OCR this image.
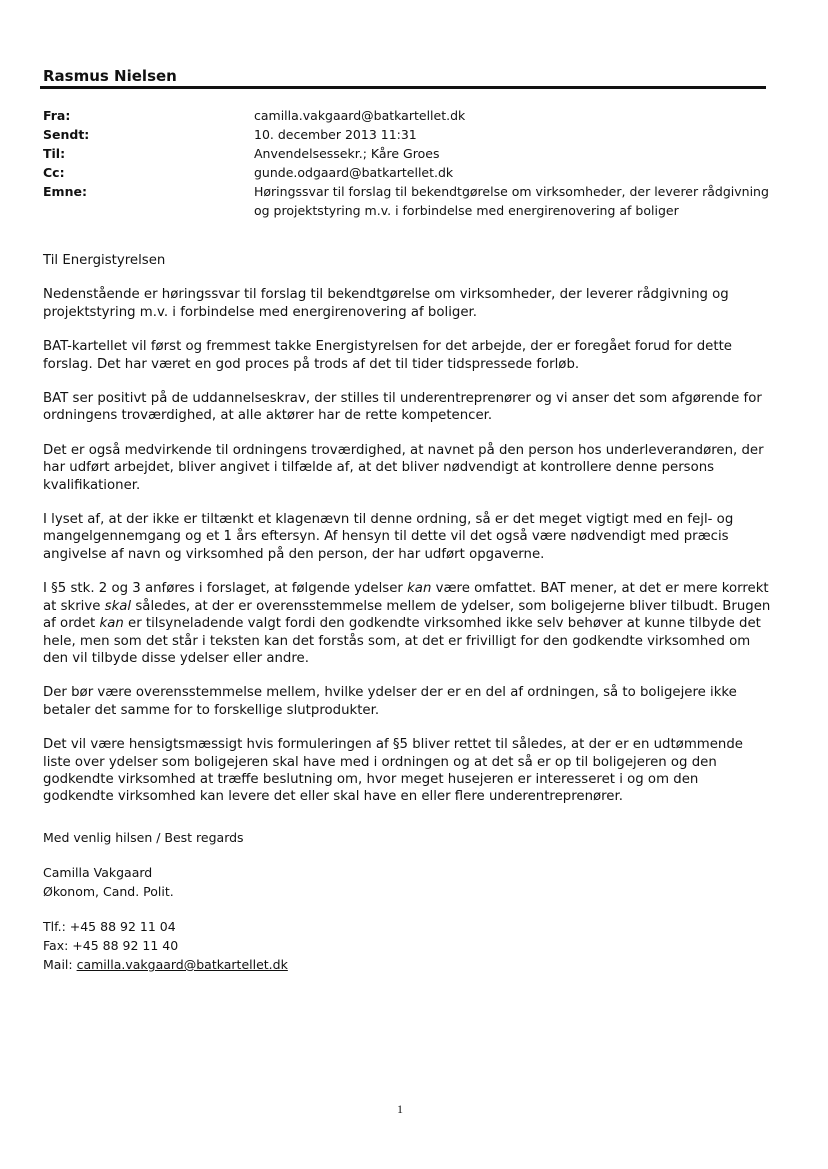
Rasmus Nielsen
Fra:	camilla.vakgaard@batkartellet.dk
Sendt:	10. december 2013 11:31
Til:	Anvendelsessekr.; Kåre Groes
Cc:	gunde.odgaard@batkartellet.dk
Emne:	Høringssvar til forslag til bekendtgørelse om virksomheder, der leverer rådgivning og projektstyring m.v. i forbindelse med energirenovering af boliger

Til Energistyrelsen

Nedenstående er høringssvar til forslag til bekendtgørelse om virksomheder, der leverer rådgivning og projektstyring m.v. i forbindelse med energirenovering af boliger.

BAT-kartellet vil først og fremmest takke Energistyrelsen for det arbejde, der er foregået forud for dette forslag. Det har været en god proces på trods af det til tider tidspressede forløb.

BAT ser positivt på de uddannelseskrav, der stilles til underentreprenører og vi anser det som afgørende for ordningens troværdighed, at alle aktører har de rette kompetencer.

Det er også medvirkende til ordningens troværdighed, at navnet på den person hos underleverandøren, der har udført arbejdet, bliver angivet i tilfælde af, at det bliver nødvendigt at kontrollere denne persons kvalifikationer.

I lyset af, at der ikke er tiltænkt et klagenævn til denne ordning, så er det meget vigtigt med en fejl- og mangelgennemgang og et 1 års eftersyn. Af hensyn til dette vil det også være nødvendigt med præcis angivelse af navn og virksomhed på den person, der har udført opgaverne.

I §5 stk. 2 og 3 anføres i forslaget, at følgende ydelser kan være omfattet. BAT mener, at det er mere korrekt at skrive skal således, at der er overensstemmelse mellem de ydelser, som boligejerne bliver tilbudt. Brugen af ordet kan er tilsyneladende valgt fordi den godkendte virksomhed ikke selv behøver at kunne tilbyde det hele, men som det står i teksten kan det forstås som, at det er frivilligt for den godkendte virksomhed om den vil tilbyde disse ydelser eller andre.

Der bør være overensstemmelse mellem, hvilke ydelser der er en del af ordningen, så to boligejere ikke betaler det samme for to forskellige slutprodukter.

Det vil være hensigtsmæssigt hvis formuleringen af §5 bliver rettet til således, at der er en udtømmende liste over ydelser som boligejeren skal have med i ordningen og at det så er op til boligejeren og den godkendte virksomhed at træffe beslutning om, hvor meget husejeren er interesseret i og om den godkendte virksomhed kan levere det eller skal have en eller flere underentreprenører.

Med venlig hilsen / Best regards
Camilla Vakgaard
Økonom, Cand. Polit.
Tlf.: +45 88 92 11 04
Fax: +45 88 92 11 40
Mail: camilla.vakgaard@batkartellet.dk
1
